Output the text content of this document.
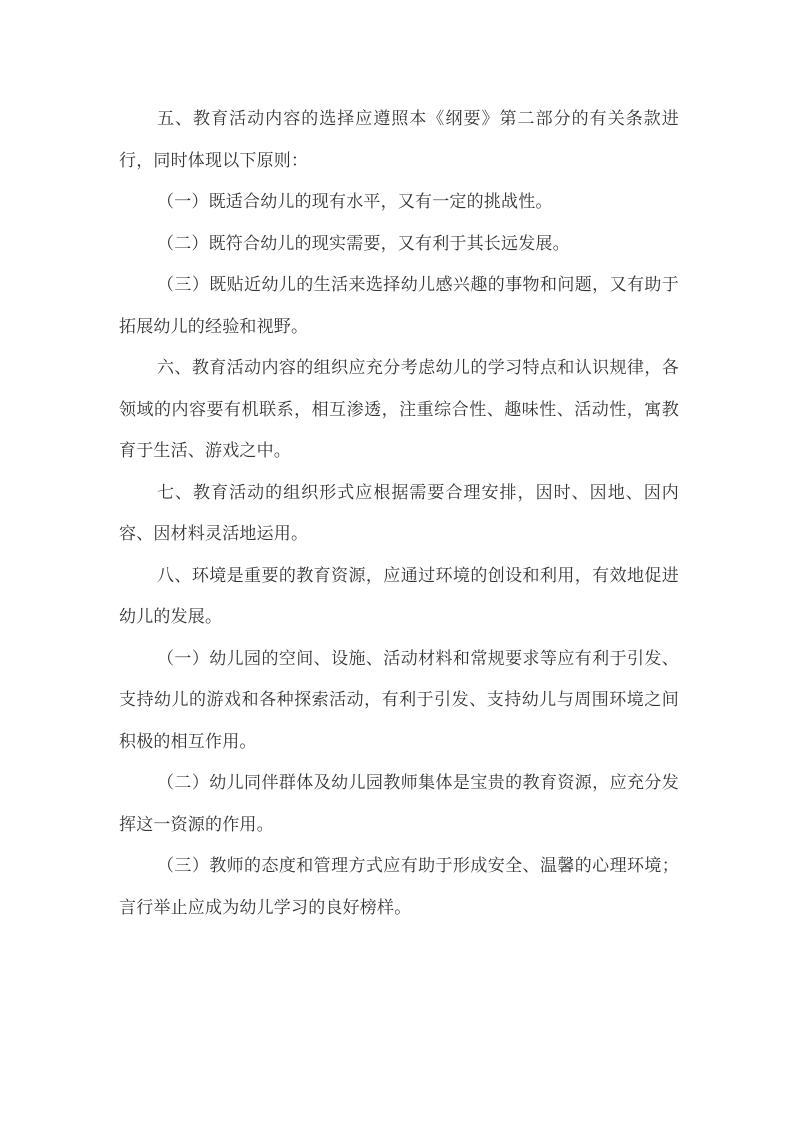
五、教育活动内容的选择应遵照本《纲要》第二部分的有关条款进行，同时体现以下原则：

（一）既适合幼儿的现有水平，又有一定的挑战性。

（二）既符合幼儿的现实需要，又有利于其长远发展。

（三）既贴近幼儿的生活来选择幼儿感兴趣的事物和问题，又有助于拓展幼儿的经验和视野。

六、教育活动内容的组织应充分考虑幼儿的学习特点和认识规律，各领域的内容要有机联系，相互渗透，注重综合性、趣味性、活动性，寓教育于生活、游戏之中。

七、教育活动的组织形式应根据需要合理安排，因时、因地、因内容、因材料灵活地运用。

八、环境是重要的教育资源，应通过环境的创设和利用，有效地促进幼儿的发展。

（一）幼儿园的空间、设施、活动材料和常规要求等应有利于引发、支持幼儿的游戏和各种探索活动，有利于引发、支持幼儿与周围环境之间积极的相互作用。

（二）幼儿同伴群体及幼儿园教师集体是宝贵的教育资源，应充分发挥这一资源的作用。

（三）教师的态度和管理方式应有助于形成安全、温馨的心理环境；言行举止应成为幼儿学习的良好榜样。
